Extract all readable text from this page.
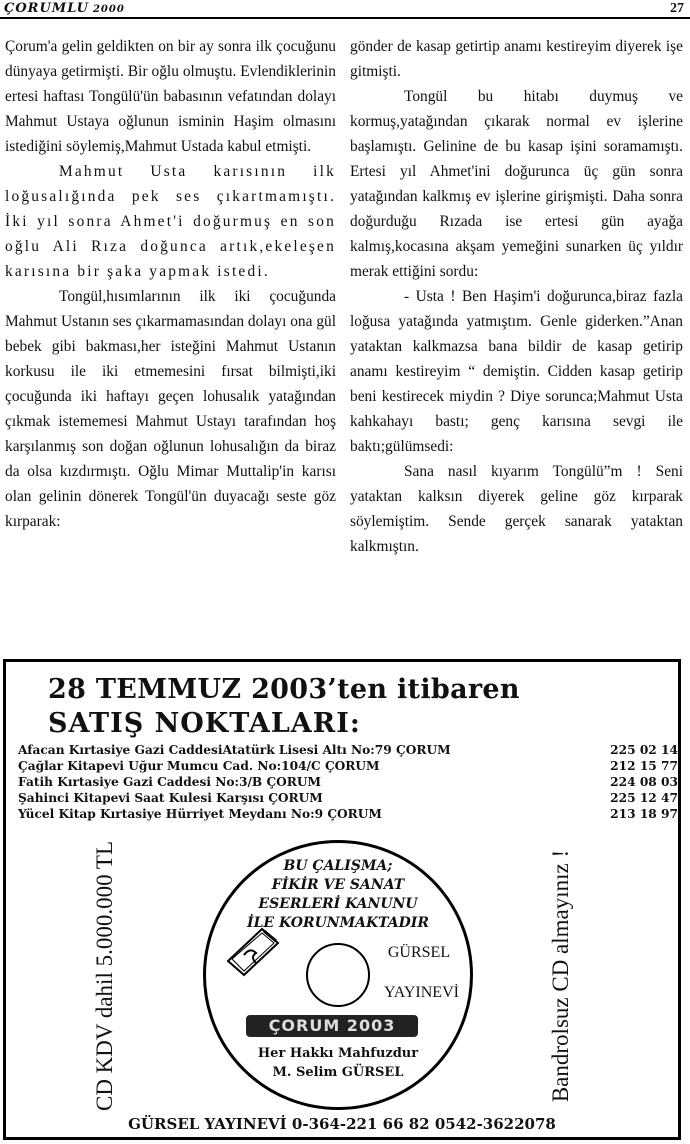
ÇORUMLU 2000	27

Çorum'a gelin geldikten on bir ay sonra ilk çocuğunu dünyaya getirmişti. Bir oğlu olmuştu. Evlendiklerinin ertesi haftası Tongülü'ün babasının vefatından dolayı Mahmut Ustaya oğlunun isminin Haşim olmasını istediğini söylemiş,Mahmut Ustada kabul etmişti.

Mahmut Usta karısının ilk loğusalığında pek ses çıkartmamıştı. İki yıl sonra Ahmet'i doğurmuş en son oğlu Ali Rıza doğunca artık,ekeleşen karısına bir şaka yapmak istedi.

Tongül,hısımlarının ilk iki çocuğunda Mahmut Ustanın ses çıkarmamasından dolayı ona gül bebek gibi bakması,her isteğini Mahmut Ustanın korkusu ile iki etmemesini fırsat bilmişti,iki çocuğunda iki haftayı geçen lohusalık yatağından çıkmak istememesi Mahmut Ustayı tarafından hoş karşılanmış son doğan oğlunun lohusalığın da biraz da olsa kızdırmıştı. Oğlu Mimar Muttalip'in karısı olan gelinin dönerek Tongül'ün duyacağı seste göz kırparak:

gönder de kasap getirtip anamı kestireyim diyerek işe gitmişti.

Tongül bu hitabı duymuş ve kormuş,yatağından çıkarak normal ev işlerine başlamıştı. Gelinine de bu kasap işini soramamıştı. Ertesi yıl Ahmet'ini doğurunca üç gün sonra yatağından kalkmış ev işlerine girişmişti. Daha sonra doğurduğu Rızada ise ertesi gün ayağa kalmış,kocasına akşam yemeğini sunarken üç yıldır merak ettiğini sordu:

- Usta ! Ben Haşim'i doğurunca,biraz fazla loğusa yatağında yatmıştım. Genle giderken.”Anan yataktan kalkmazsa bana bildir de kasap getirip anamı kestireyim “ demiştin. Cidden kasap getirip beni kestirecek miydin ? Diye sorunca;Mahmut Usta kahkahayı bastı; genç karısına sevgi ile baktı;gülümsedi:

Sana nasıl kıyarım Tongülü”m ! Seni yataktan kalksın diyerek geline göz kırparak söylemiştim. Sende gerçek sanarak yataktan kalkmıştın.

28 TEMMUZ 2003’ten itibaren
SATIŞ NOKTALARI:
Afacan Kırtasiye Gazi CaddesiAtatürk Lisesi Altı No:79 ÇORUM	225 02 14
Çağlar Kitapevi Uğur Mumcu Cad. No:104/C ÇORUM	212 15 77
Fatih Kırtasiye Gazi Caddesi No:3/B ÇORUM	224 08 03
Şahinci Kitapevi Saat Kulesi Karşısı ÇORUM	225 12 47
Yücel Kitap Kırtasiye Hürriyet Meydanı No:9 ÇORUM	213 18 97
CD KDV dahil 5.000.000 TL	Bandrolsuz CD almayınız !
BU ÇALIŞMA;
FİKİR VE SANAT
ESERLERİ KANUNU
İLE KORUNMAKTADIR
GÜRSEL
YAYINEVİ
ÇORUM 2003
Her Hakkı Mahfuzdur
M. Selim GÜRSEL
GÜRSEL YAYINEVİ 0-364-221 66 82 0542-3622078
